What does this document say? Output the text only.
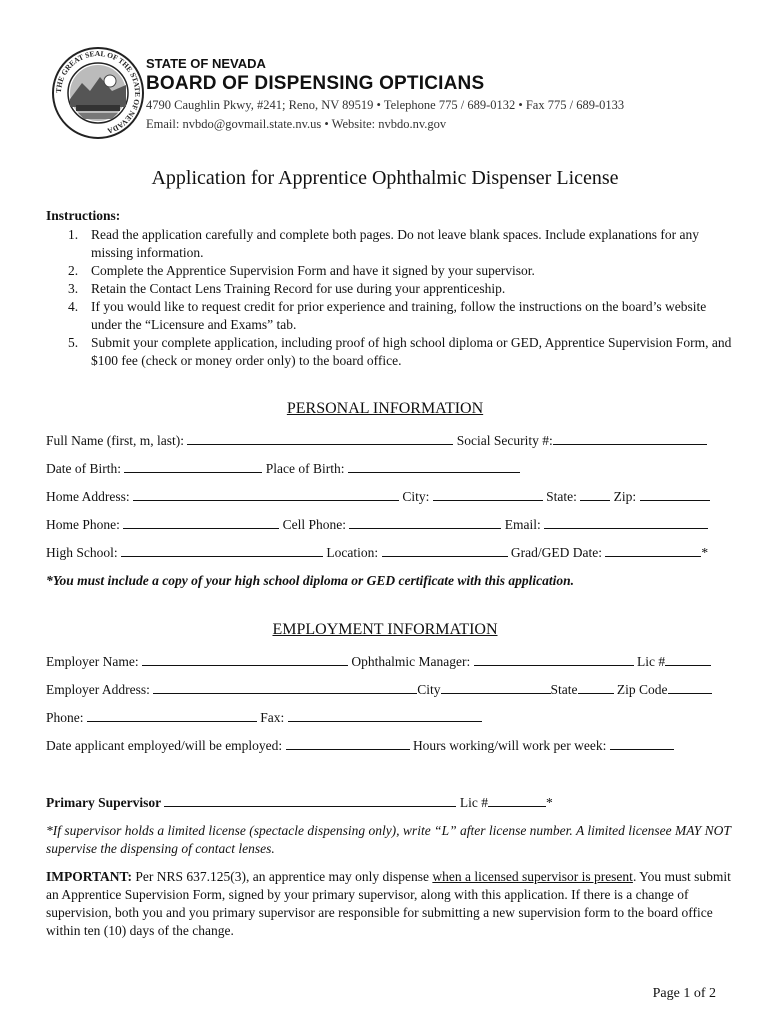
THE GREAT SEAL OF THE STATE OF NEVADA
STATE OF NEVADA
BOARD OF DISPENSING OPTICIANS
4790 Caughlin Pkwy, #241; Reno, NV 89519 • Telephone 775 / 689-0132 • Fax 775 / 689-0133
Email: nvbdo@govmail.state.nv.us • Website: nvbdo.nv.gov
Application for Apprentice Ophthalmic Dispenser License
Instructions:
1. Read the application carefully and complete both pages. Do not leave blank spaces. Include explanations for any missing information.
2. Complete the Apprentice Supervision Form and have it signed by your supervisor.
3. Retain the Contact Lens Training Record for use during your apprenticeship.
4. If you would like to request credit for prior experience and training, follow the instructions on the board’s website under the “Licensure and Exams” tab.
5. Submit your complete application, including proof of high school diploma or GED, Apprentice Supervision Form, and $100 fee (check or money order only) to the board office.
PERSONAL INFORMATION
Full Name (first, m, last):	Social Security #:
Date of Birth:	Place of Birth:
Home Address:	City:	State:	Zip:
Home Phone:	Cell Phone:	Email:
High School:	Location:	Grad/GED Date:	*
*You must include a copy of your high school diploma or GED certificate with this application.
EMPLOYMENT INFORMATION
Employer Name:	Ophthalmic Manager:	Lic #
Employer Address:	City	State	Zip Code
Phone:	Fax:
Date applicant employed/will be employed:	Hours working/will work per week:
Primary Supervisor	Lic #	*
*If supervisor holds a limited license (spectacle dispensing only), write “L” after license number. A limited licensee MAY NOT supervise the dispensing of contact lenses.
IMPORTANT: Per NRS 637.125(3), an apprentice may only dispense when a licensed supervisor is present. You must submit an Apprentice Supervision Form, signed by your primary supervisor, along with this application. If there is a change of supervision, both you and you primary supervisor are responsible for submitting a new supervision form to the board office within ten (10) days of the change.
Page 1 of 2
